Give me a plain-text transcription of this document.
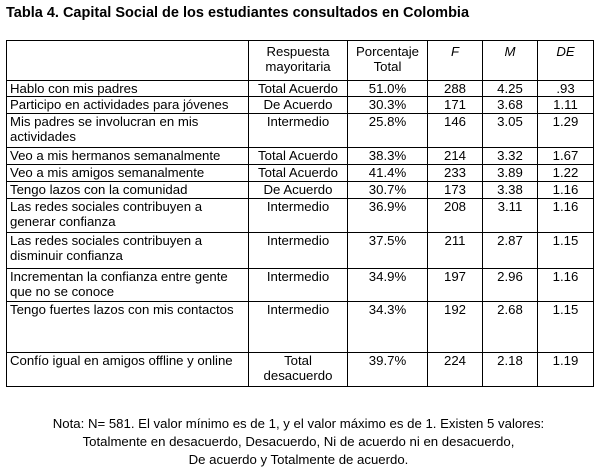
Tabla 4. Capital Social de los estudiantes consultados en Colombia
	Respuesta mayoritaria	Porcentaje Total	F	M	DE
Hablo con mis padres	Total Acuerdo	51.0%	288	4.25	.93
Participo en actividades para jóvenes	De Acuerdo	30.3%	171	3.68	1.11
Mis padres se involucran en mis actividades	Intermedio	25.8%	146	3.05	1.29
Veo a mis hermanos semanalmente	Total Acuerdo	38.3%	214	3.32	1.67
Veo a mis amigos semanalmente	Total Acuerdo	41.4%	233	3.89	1.22
Tengo lazos con la comunidad	De Acuerdo	30.7%	173	3.38	1.16
Las redes sociales contribuyen a generar confianza	Intermedio	36.9%	208	3.11	1.16
Las redes sociales contribuyen a disminuir confianza	Intermedio	37.5%	211	2.87	1.15
Incrementan la confianza entre gente que no se conoce	Intermedio	34.9%	197	2.96	1.16
Tengo fuertes lazos con mis contactos	Intermedio	34.3%	192	2.68	1.15
Confío igual en amigos offline y online	Total desacuerdo	39.7%	224	2.18	1.19
Nota: N= 581. El valor mínimo es de 1, y el valor máximo es de 1. Existen 5 valores:
Totalmente en desacuerdo, Desacuerdo, Ni de acuerdo ni en desacuerdo,
De acuerdo y Totalmente de acuerdo.
